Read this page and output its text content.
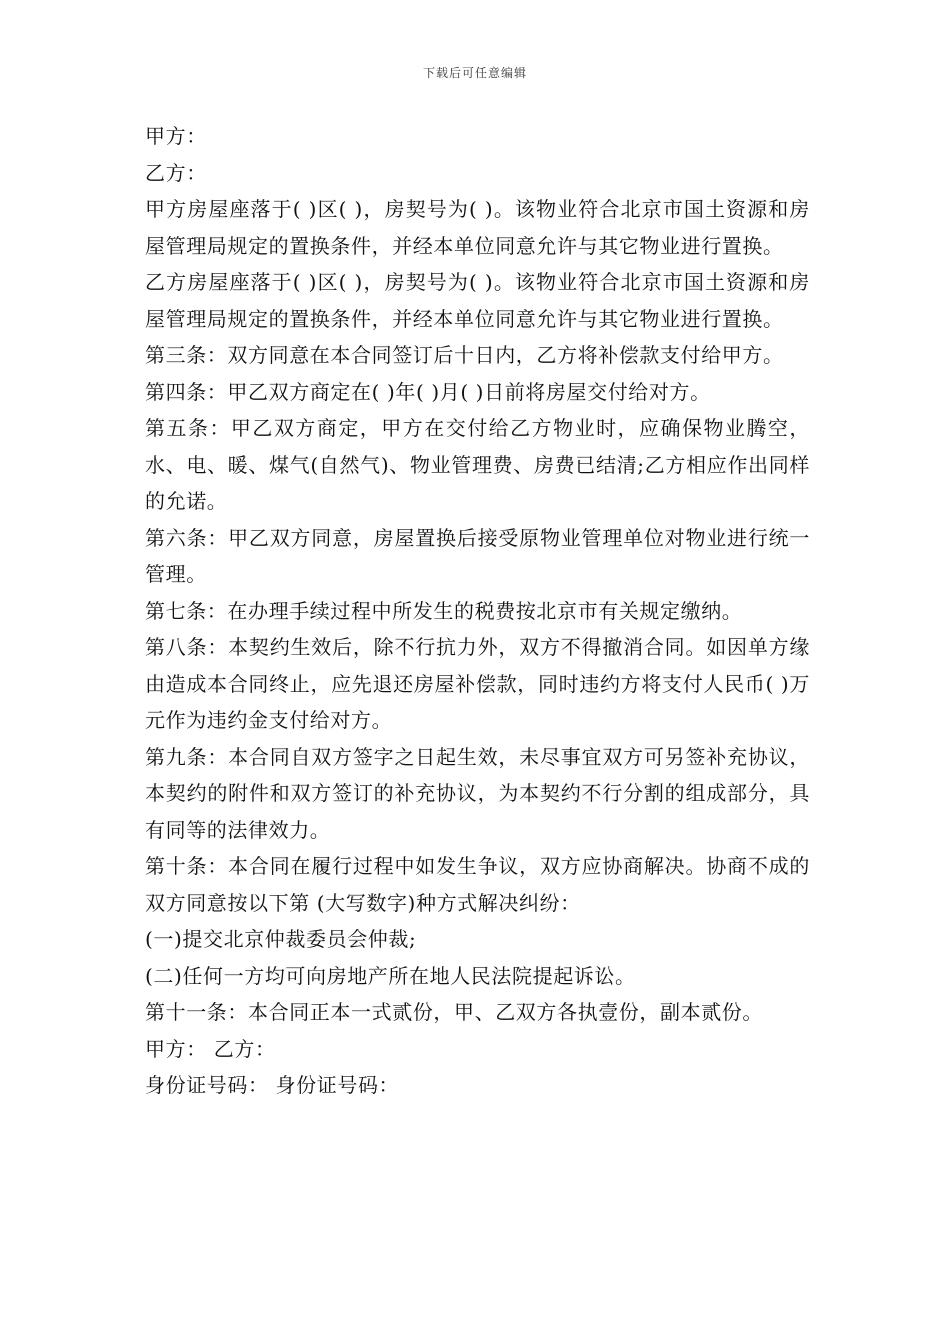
下载后可任意编辑

甲方：

乙方：

甲方房屋座落于( )区( )，房契号为( )。该物业符合北京市国土资源和房屋管理局规定的置换条件，并经本单位同意允许与其它物业进行置换。

乙方房屋座落于( )区( )，房契号为( )。该物业符合北京市国土资源和房屋管理局规定的置换条件，并经本单位同意允许与其它物业进行置换。

第三条：双方同意在本合同签订后十日内，乙方将补偿款支付给甲方。

第四条：甲乙双方商定在( )年( )月( )日前将房屋交付给对方。

第五条：甲乙双方商定，甲方在交付给乙方物业时，应确保物业腾空，水、电、暖、煤气(自然气)、物业管理费、房费已结清;乙方相应作出同样的允诺。

第六条：甲乙双方同意，房屋置换后接受原物业管理单位对物业进行统一管理。

第七条：在办理手续过程中所发生的税费按北京市有关规定缴纳。

第八条：本契约生效后，除不行抗力外，双方不得撤消合同。如因单方缘由造成本合同终止，应先退还房屋补偿款，同时违约方将支付人民币( )万元作为违约金支付给对方。

第九条：本合同自双方签字之日起生效，未尽事宜双方可另签补充协议，本契约的附件和双方签订的补充协议，为本契约不行分割的组成部分，具有同等的法律效力。

第十条：本合同在履行过程中如发生争议，双方应协商解决。协商不成的双方同意按以下第 (大写数字)种方式解决纠纷：

(一)提交北京仲裁委员会仲裁;

(二)任何一方均可向房地产所在地人民法院提起诉讼。

第十一条：本合同正本一式贰份，甲、乙双方各执壹份，副本贰份。

甲方： 乙方：

身份证号码： 身份证号码：
